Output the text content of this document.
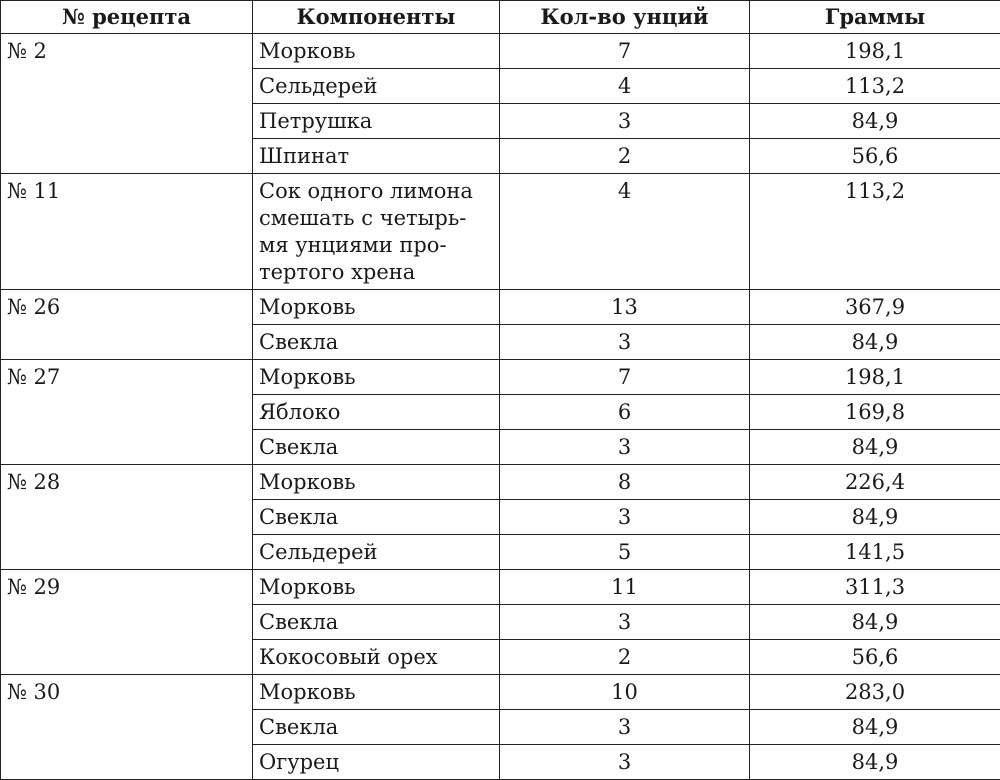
№ рецепта	Компоненты	Кол-во унций	Граммы
№ 2	Морковь	7	198,1
	Сельдерей	4	113,2
	Петрушка	3	84,9
	Шпинат	2	56,6
№ 11	Сок одного лимона
смешать с четырь-
мя унциями про-
тертого хрена	4	113,2
№ 26	Морковь	13	367,9
	Свекла	3	84,9
№ 27	Морковь	7	198,1
	Яблоко	6	169,8
	Свекла	3	84,9
№ 28	Морковь	8	226,4
	Свекла	3	84,9
	Сельдерей	5	141,5
№ 29	Морковь	11	311,3
	Свекла	3	84,9
	Кокосовый орех	2	56,6
№ 30	Морковь	10	283,0
	Свекла	3	84,9
	Огурец	3	84,9
